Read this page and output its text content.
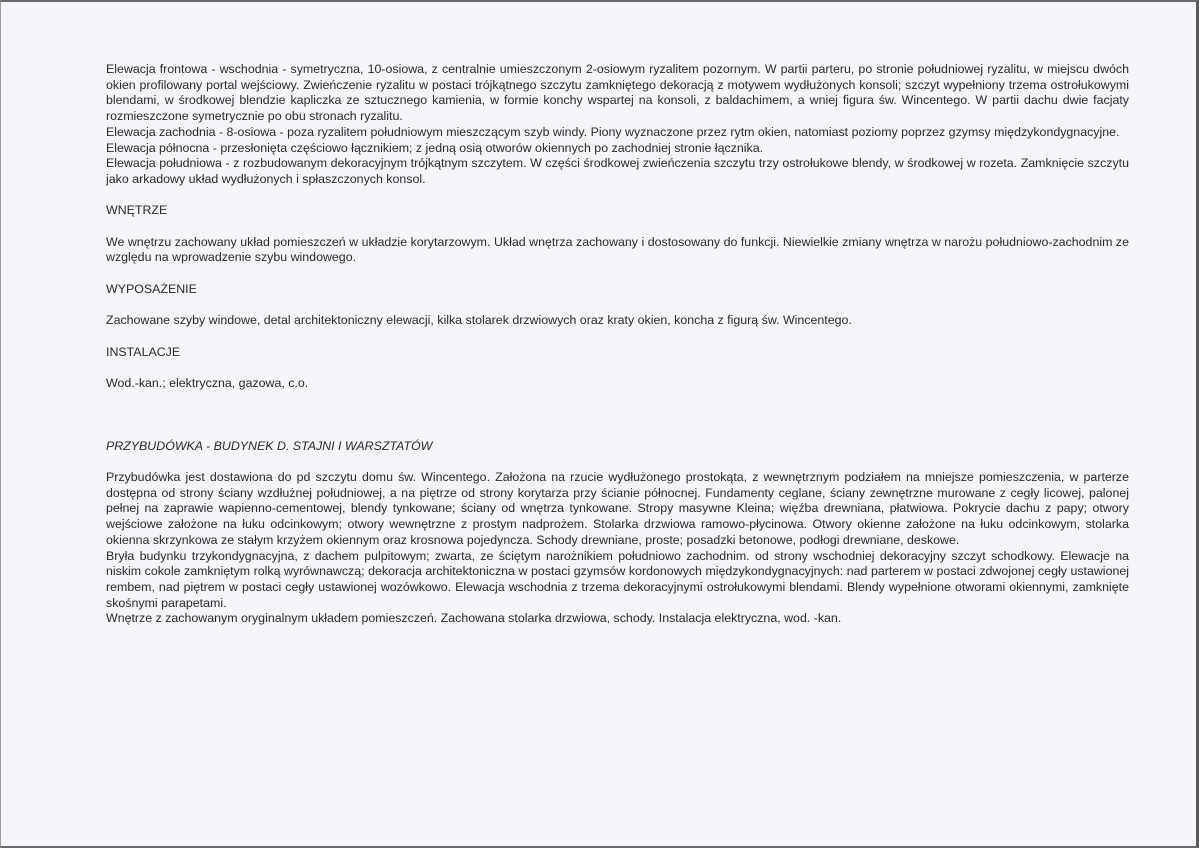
Elewacja frontowa - wschodnia - symetryczna, 10-osiowa, z centralnie umieszczonym 2-osiowym ryzalitem pozornym. W partii parteru, po stronie południowej ryzalitu, w miejscu dwóch okien profilowany portal wejściowy. Zwieńczenie ryzalitu w postaci trójkątnego szczytu zamkniętego dekoracją z motywem wydłużonych konsoli; szczyt wypełniony trzema ostrołukowymi blendami, w środkowej blendzie kapliczka ze sztucznego kamienia, w formie konchy wspartej na konsoli, z baldachimem, a wniej figura św. Wincentego. W partii dachu dwie facjaty rozmieszczone symetrycznie po obu stronach ryzalitu.

Elewacja zachodnia - 8-osiowa - poza ryzalitem południowym mieszczącym szyb windy. Piony wyznaczone przez rytm okien, natomiast poziomy poprzez gzymsy międzykondygnacyjne.

Elewacja północna - przesłonięta częściowo łącznikiem; z jedną osią otworów okiennych po zachodniej stronie łącznika.

Elewacja południowa - z rozbudowanym dekoracyjnym trójkątnym szczytem. W części środkowej zwieńczenia szczytu trzy ostrołukowe blendy, w środkowej w rozeta. Zamknięcie szczytu jako arkadowy układ wydłużonych i spłaszczonych konsol.

WNĘTRZE

We wnętrzu zachowany układ pomieszczeń w układzie korytarzowym. Układ wnętrza zachowany i dostosowany do funkcji. Niewielkie zmiany wnętrza w narożu południowo-zachodnim ze względu na wprowadzenie szybu windowego.

WYPOSAŻENIE

Zachowane szyby windowe, detal architektoniczny elewacji, kilka stolarek drzwiowych oraz kraty okien, koncha z figurą św. Wincentego.

INSTALACJE

Wod.-kan.; elektryczna, gazowa, c.o.

PRZYBUDÓWKA - BUDYNEK D. STAJNI I WARSZTATÓW

Przybudówka jest dostawiona do pd szczytu domu św. Wincentego. Założona na rzucie wydłużonego prostokąta, z wewnętrznym podziałem na mniejsze pomieszczenia, w parterze dostępna od strony ściany wzdłużnej południowej, a na piętrze od strony korytarza przy ścianie północnej. Fundamenty ceglane, ściany zewnętrzne murowane z cegły licowej, palonej pełnej na zaprawie wapienno-cementowej, blendy tynkowane; ściany od wnętrza tynkowane. Stropy masywne Kleina; więźba drewniana, płatwiowa. Pokrycie dachu z papy; otwory wejściowe założone na łuku odcinkowym; otwory wewnętrzne z prostym nadprożem. Stolarka drzwiowa ramowo-płycinowa. Otwory okienne założone na łuku odcinkowym, stolarka okienna skrzynkowa ze stałym krzyżem okiennym oraz krosnowa pojedyncza. Schody drewniane, proste; posadzki betonowe, podłogi drewniane, deskowe.

Bryła budynku trzykondygnacyjna, z dachem pulpitowym; zwarta, ze ściętym narożnikiem południowo zachodnim. od strony wschodniej dekoracyjny szczyt schodkowy. Elewacje na niskim cokole zamkniętym rolką wyrównawczą; dekoracja architektoniczna w postaci gzymsów kordonowych międzykondygnacyjnych: nad parterem w postaci zdwojonej cegły ustawionej rembem, nad piętrem w postaci cegły ustawionej wozówkowo. Elewacja wschodnia z trzema dekoracyjnymi ostrołukowymi blendami. Blendy wypełnione otworami okiennymi, zamknięte skośnymi parapetami.

Wnętrze z zachowanym oryginalnym układem pomieszczeń. Zachowana stolarka drzwiowa, schody. Instalacja elektryczna, wod. -kan.
